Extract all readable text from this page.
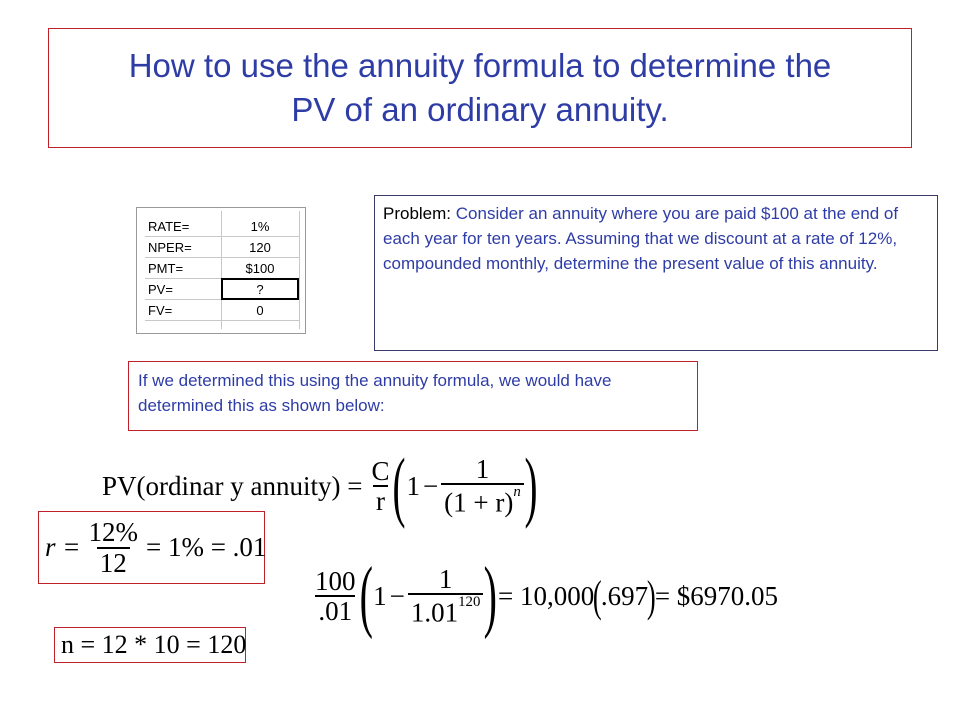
How to use the annuity formula to determine the
PV of an ordinary annuity.
RATE=	1%
NPER=	120
PMT=	$100
PV=	?
FV=	0
Problem: Consider an annuity where you are paid $100 at the end of each year for ten years. Assuming that we discount at a rate of 12%, compounded monthly, determine the present value of this annuity.
If we determined this using the annuity formula, we would have determined this as shown below:
PV(ordinar y annuity) = $\frac{C}{r}$ ( $1 - \frac{1}{(1 + r)^n}$ )
$r = \frac{12\%}{12} = 1\% = .01$
$\frac{100}{.01}$ ( $1 - \frac{1}{1.01^{120}}$ ) = 10,000
(
.697
)
= $6970.05
n = 12 * 10 = 120
